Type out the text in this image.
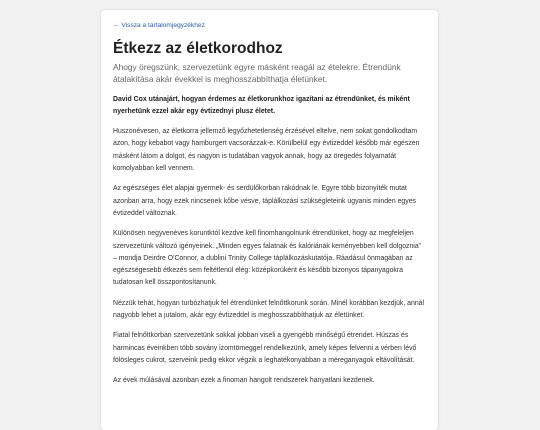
← Vissza a tartalomjegyzékhez
Étkezz az életkorodhoz

Ahogy öregszünk, szervezetünk egyre másként reagál az ételekre. Étrendünk átalakítása akár évekkel is meghosszabbíthatja életünket.

David Cox utánajárt, hogyan érdemes az életkorunkhoz igazítani az étrendünket, és miként nyerhetünk ezzel akár egy évtizednyi plusz életet.

Huszonévesen, az életkorra jellemző legyőzhetetlenség érzésével eltelve, nem sokat gondolkodtam azon, hogy kebabot vagy hamburgert vacsorázzak-e. Körülbelül egy évtizeddel később már egészen másként látom a dolgot, és nagyon is tudatában vagyok annak, hogy az öregedés folyamatát komolyabban kell vennem.

Az egészséges élet alapjai gyermek- és serdülőkorban rakódnak le. Egyre több bizonyíték mutat azonban arra, hogy ezek nincsenek kőbe vésve, táplálkozási szükségleteink ugyanis minden egyes évtizeddel változnak.

Különösen negyvenéves koruntktól kezdve kell finomhangolnunk étrendünket, hogy az megfeleljen szervezetünk változó igényeinek. „Minden egyes falatnak és kalóriának keményebben kell dolgoznia” – mondja Deirdre O'Connor, a dublini Trinity College táplálkozáskutatója. Ráadásul önmagában az egészségesebb étkezés sem feltétlenül elég: középkorúként és később bizonyos tápanyagokra tudatosan kell összpontosítanunk.

Nézzük tehát, hogyan turbózhatjuk fel étrendünket felnőttkorunk során. Minél korábban kezdjük, annál nagyobb lehet a jutalom, akár egy évtizeddel is meghosszabbíthatjuk az életünket.

Fiatal felnőttkorban szervezetünk sokkal jobban viseli a gyengébb minőségű étrendet. Húszas és harmincas éveinkben több sovány izomtömeggel rendelkezünk, amely képes felvenni a vérben lévő fölösleges cukrot, szerveink pedig ekkor végzik a leghatékonyabban a méreganyagok eltávolítását.

Az évek múlásával azonban ezek a finoman hangolt rendszerek hanyatlani kezdenek.
